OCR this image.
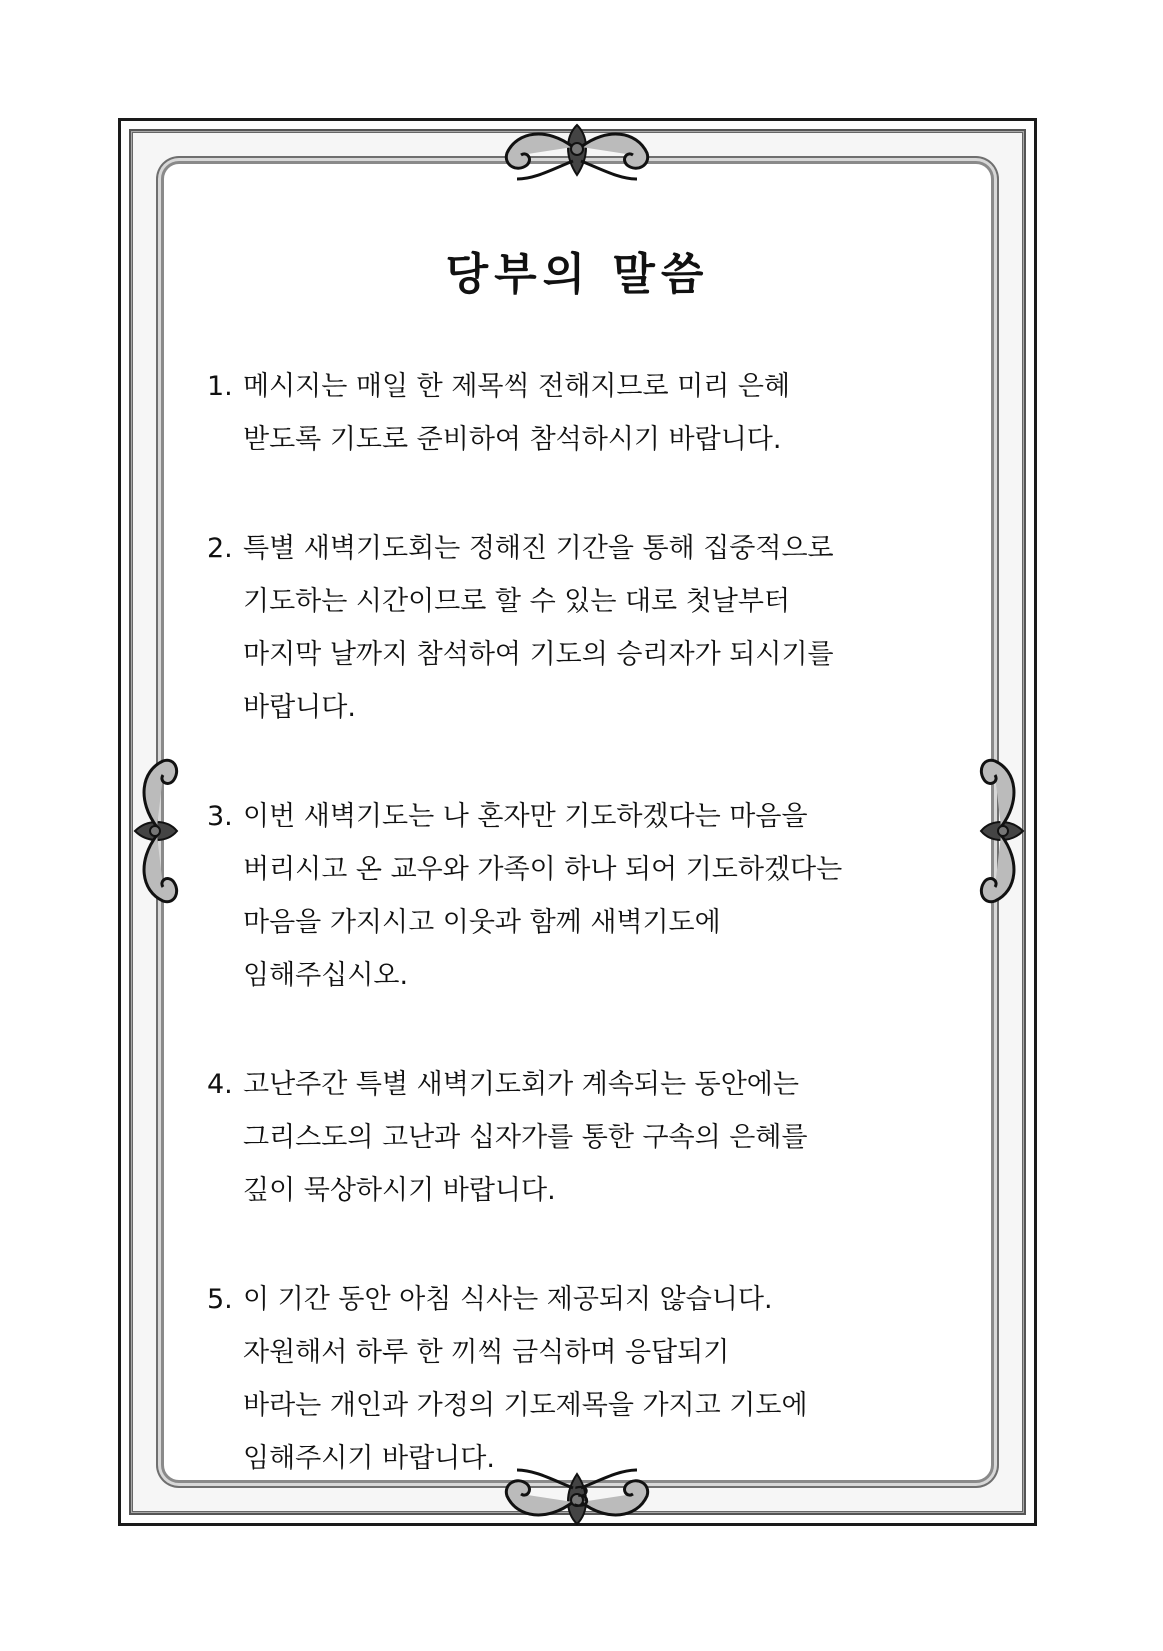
당부의 말씀
1. 메시지는 매일 한 제목씩 전해지므로 미리 은혜
받도록 기도로 준비하여 참석하시기 바랍니다.
2. 특별 새벽기도회는 정해진 기간을 통해 집중적으로
기도하는 시간이므로 할 수 있는 대로 첫날부터
마지막 날까지 참석하여 기도의 승리자가 되시기를
바랍니다.
3. 이번 새벽기도는 나 혼자만 기도하겠다는 마음을
버리시고 온 교우와 가족이 하나 되어 기도하겠다는
마음을 가지시고 이웃과 함께 새벽기도에
임해주십시오.
4. 고난주간 특별 새벽기도회가 계속되는 동안에는
그리스도의 고난과 십자가를 통한 구속의 은혜를
깊이 묵상하시기 바랍니다.
5. 이 기간 동안 아침 식사는 제공되지 않습니다.
자원해서 하루 한 끼씩 금식하며 응답되기
바라는 개인과 가정의 기도제목을 가지고 기도에
임해주시기 바랍니다.

3
